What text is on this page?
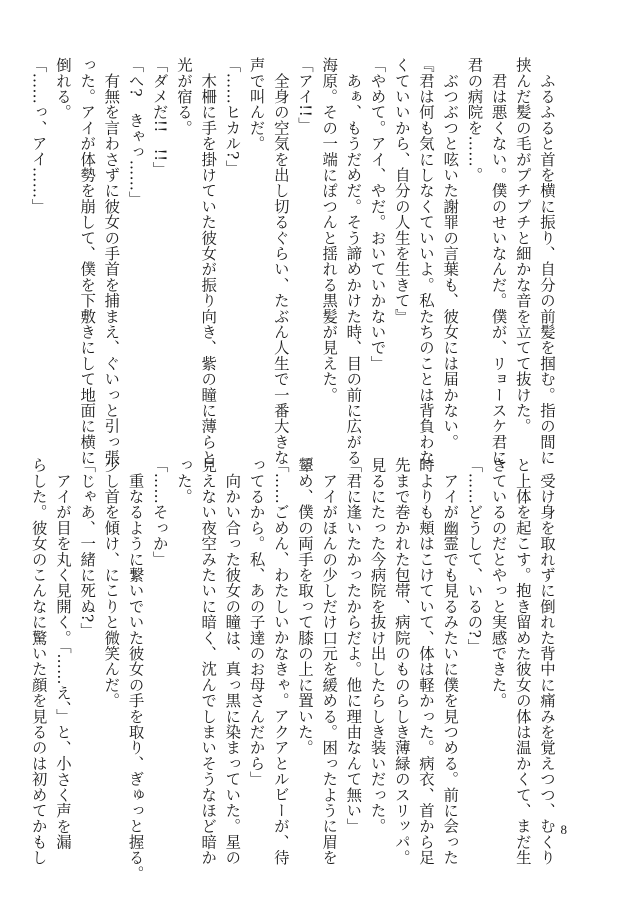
　ふるふると首を横に振り、自分の前髪を掴む。指の間に
挟んだ髪の毛がプチプチと細かな音を立てて抜けた。
　君は悪くない。僕のせいなんだ。僕が、リョースケ君に
君の病院を……。
　ぶつぶつと呟いた謝罪の言葉も、彼女には届かない。
『君は何も気にしなくていいよ。私たちのことは背負わな
くていいから、自分の人生を生きて』
「やめて。アイ、やだ。おいていかないで」
　あぁ、もうだめだ。そう諦めかけた時、目の前に広がる
海原。その一端にぽつんと揺れる黒髪が見えた。
「アイ!!」
　全身の空気を出し切るぐらい、たぶん人生で一番大きな
声で叫んだ。
「……ヒカル?」
　木柵に手を掛けていた彼女が振り向き、紫の瞳に薄らと
光が宿る。
「ダメだ!!　!!」
「へ?　きゃっ……」
　有無を言わさずに彼女の手首を捕まえ、ぐいっと引っ張
った。アイが体勢を崩して、僕を下敷きにして地面に横に
倒れる。
「……っ、アイ……」
　受け身を取れずに倒れた背中に痛みを覚えつつ、むくり
と上体を起こす。抱き留めた彼女の体は温かくて、まだ生
きているのだとやっと実感できた。
「……どうして、いるの?」
　アイが幽霊でも見るみたいに僕を見つめる。前に会った
時よりも頬はこけていて、体は軽かった。病衣、首から足
先まで巻かれた包帯、病院のものらしき薄緑のスリッパ。
見るにたった今病院を抜け出したらしき装いだった。
「君に逢いたかったからだよ。他に理由なんて無い」
　アイがほんの少しだけ口元を緩める。困ったように眉を
顰め、僕の両手を取って膝の上に置いた。
「……ごめん、わたしいかなきゃ。アクアとルビーが、待
ってるから。私、あの子達のお母さんだから」
　向かい合った彼女の瞳は、真っ黒に染まっていた。星の
見えない夜空みたいに暗く、沈んでしまいそうなほど暗か
った。
「……そっか」
　重なるように繋いでいた彼女の手を取り、ぎゅっと握る。
少し首を傾け、にこりと微笑んだ。
「じゃあ、一緒に死ぬ?」
　アイが目を丸く見開く。「……え、」と、小さく声を漏
らした。彼女のこんなに驚いた顔を見るのは初めてかもし	8
